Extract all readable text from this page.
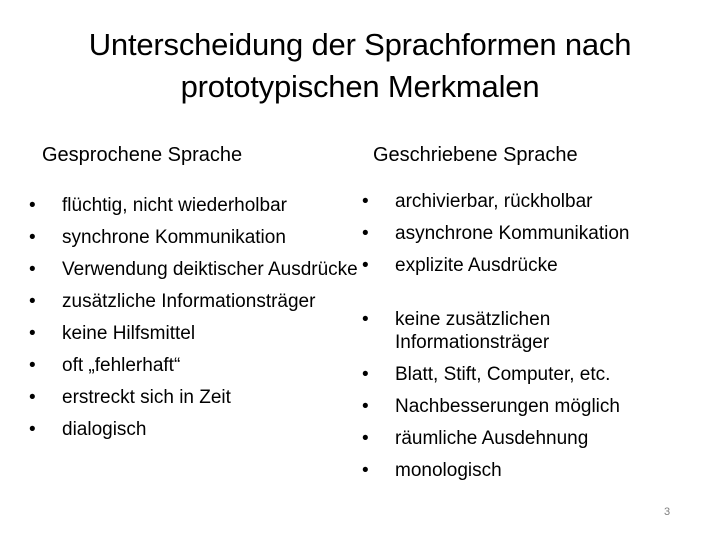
Unterscheidung der Sprachformen nach
prototypischen Merkmalen
Gesprochene Sprache	Geschriebene Sprache
• flüchtig, nicht wiederholbar
• synchrone Kommunikation
• Verwendung deiktischer Ausdrücke
• zusätzliche Informationsträger
• keine Hilfsmittel
• oft „fehlerhaft“
• erstreckt sich in Zeit
• dialogisch
• archivierbar, rückholbar
• asynchrone Kommunikation
• explizite Ausdrücke
• keine zusätzlichen Informationsträger
• Blatt, Stift, Computer, etc.
• Nachbesserungen möglich
• räumliche Ausdehnung
• monologisch
3
